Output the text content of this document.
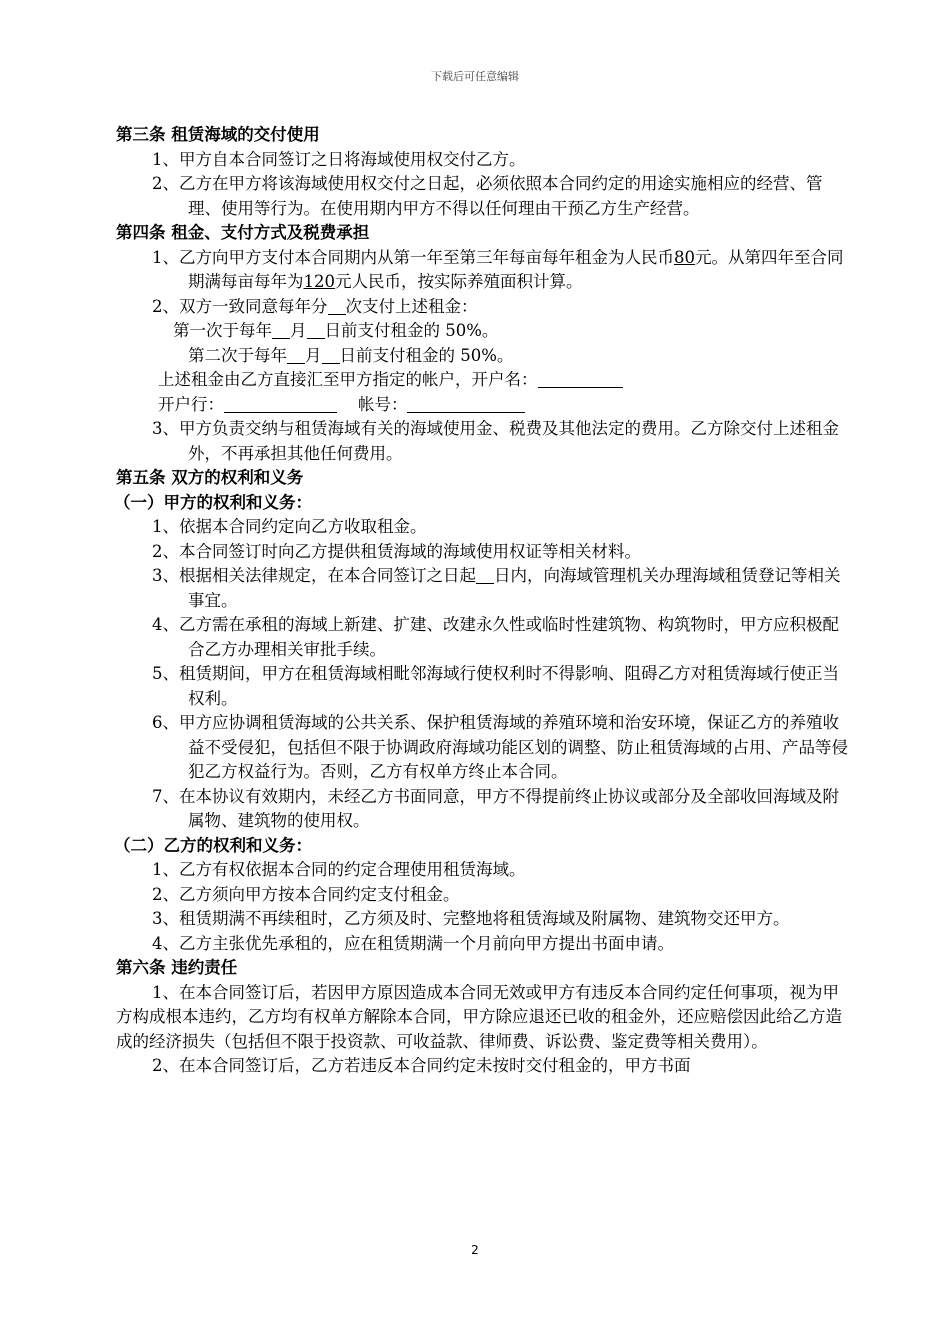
下载后可任意编辑
第三条 租赁海域的交付使用
1、甲方自本合同签订之日将海域使用权交付乙方。
2、乙方在甲方将该海域使用权交付之日起，必须依照本合同约定的用途实施相应的经营、管理、使用等行为。在使用期内甲方不得以任何理由干预乙方生产经营。
第四条 租金、支付方式及税费承担
1、乙方向甲方支付本合同期内从第一年至第三年每亩每年租金为人民币80元。从第四年至合同期满每亩每年为120元人民币，按实际养殖面积计算。
2、双方一致同意每年分 次支付上述租金：
第一次于每年 月 日前支付租金的 50%。
第二次于每年 月 日前支付租金的 50%。
上述租金由乙方直接汇至甲方指定的帐户，开户名：
开户行：	帐号：
3、甲方负责交纳与租赁海域有关的海域使用金、税费及其他法定的费用。乙方除交付上述租金外，不再承担其他任何费用。
第五条 双方的权利和义务
（一）甲方的权利和义务：
1、依据本合同约定向乙方收取租金。
2、本合同签订时向乙方提供租赁海域的海域使用权证等相关材料。
3、根据相关法律规定，在本合同签订之日起 日内，向海域管理机关办理海域租赁登记等相关事宜。
4、乙方需在承租的海域上新建、扩建、改建永久性或临时性建筑物、构筑物时，甲方应积极配合乙方办理相关审批手续。
5、租赁期间，甲方在租赁海域相毗邻海域行使权利时不得影响、阻碍乙方对租赁海域行使正当权利。
6、甲方应协调租赁海域的公共关系、保护租赁海域的养殖环境和治安环境，保证乙方的养殖收益不受侵犯，包括但不限于协调政府海域功能区划的调整、防止租赁海域的占用、产品等侵犯乙方权益行为。否则，乙方有权单方终止本合同。
7、在本协议有效期内，未经乙方书面同意，甲方不得提前终止协议或部分及全部收回海域及附属物、建筑物的使用权。
（二）乙方的权利和义务：
1、乙方有权依据本合同的约定合理使用租赁海域。
2、乙方须向甲方按本合同约定支付租金。
3、租赁期满不再续租时，乙方须及时、完整地将租赁海域及附属物、建筑物交还甲方。
4、乙方主张优先承租的，应在租赁期满一个月前向甲方提出书面申请。
第六条 违约责任
1、在本合同签订后，若因甲方原因造成本合同无效或甲方有违反本合同约定任何事项，视为甲方构成根本违约，乙方均有权单方解除本合同，甲方除应退还已收的租金外，还应赔偿因此给乙方造成的经济损失（包括但不限于投资款、可收益款、律师费、诉讼费、鉴定费等相关费用）。
2、在本合同签订后，乙方若违反本合同约定未按时交付租金的，甲方书面
2
